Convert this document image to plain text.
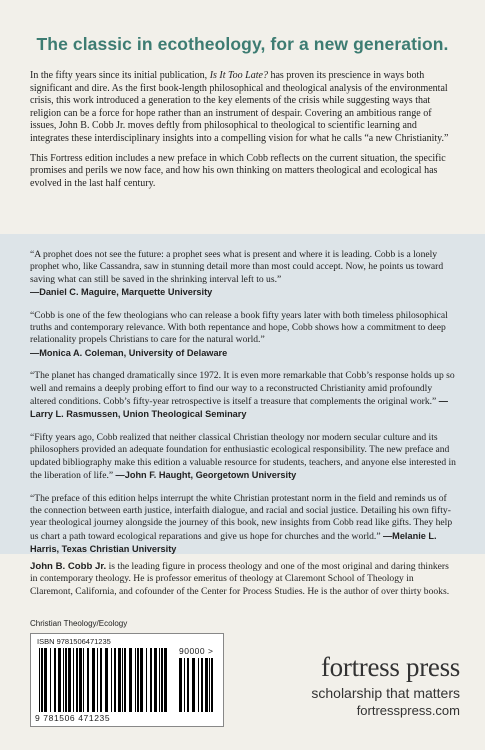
The classic in ecotheology, for a new generation.

In the fifty years since its initial publication, Is It Too Late? has proven its prescience in ways both significant and dire. As the first book-length philosophical and theological analysis of the environmental crisis, this work introduced a generation to the key elements of the crisis while suggesting ways that religion can be a force for hope rather than an instrument of despair. Covering an ambitious range of issues, John B. Cobb Jr. moves deftly from philosophical to theological to scientific learning and integrates these interdisciplinary insights into a compelling vision for what he calls “a new Christianity.”

This Fortress edition includes a new preface in which Cobb reflects on the current situation, the specific promises and perils we now face, and how his own thinking on matters theological and ecological has evolved in the last half century.

“A prophet does not see the future: a prophet sees what is present and where it is leading. Cobb is a lonely prophet who, like Cassandra, saw in stunning detail more than most could accept. Now, he points us toward saving what can still be saved in the shrinking interval left to us.”
—Daniel C. Maguire, Marquette University

“Cobb is one of the few theologians who can release a book fifty years later with both timeless philosophical truths and contemporary relevance. With both repentance and hope, Cobb shows how a commitment to deep relationality propels Christians to care for the natural world.”
—Monica A. Coleman, University of Delaware

“The planet has changed dramatically since 1972. It is even more remarkable that Cobb’s response holds up so well and remains a deeply probing effort to find our way to a reconstructed Christianity amid profoundly altered conditions. Cobb’s fifty-year retrospective is itself a treasure that complements the original work.” —Larry L. Rasmussen, Union Theological Seminary

“Fifty years ago, Cobb realized that neither classical Christian theology nor modern secular culture and its philosophers provided an adequate foundation for enthusiastic ecological responsibility. The new preface and updated bibliography make this edition a valuable resource for students, teachers, and anyone else interested in the liberation of life.” —John F. Haught, Georgetown University

“The preface of this edition helps interrupt the white Christian protestant norm in the field and reminds us of the connection between earth justice, interfaith dialogue, and racial and social justice. Detailing his own fifty-year theological journey alongside the journey of this book, new insights from Cobb read like gifts. They help us chart a path toward ecological reparations and give us hope for churches and the world.” —Melanie L. Harris, Texas Christian University

John B. Cobb Jr. is the leading figure in process theology and one of the most original and daring thinkers in contemporary theology. He is professor emeritus of theology at Claremont School of Theology in Claremont, California, and cofounder of the Center for Process Studies. He is the author of over thirty books.
Christian Theology/Ecology
ISBN 9781506471235
90000 >
9 781506 471235
fortress press
scholarship that matters
fortresspress.com
